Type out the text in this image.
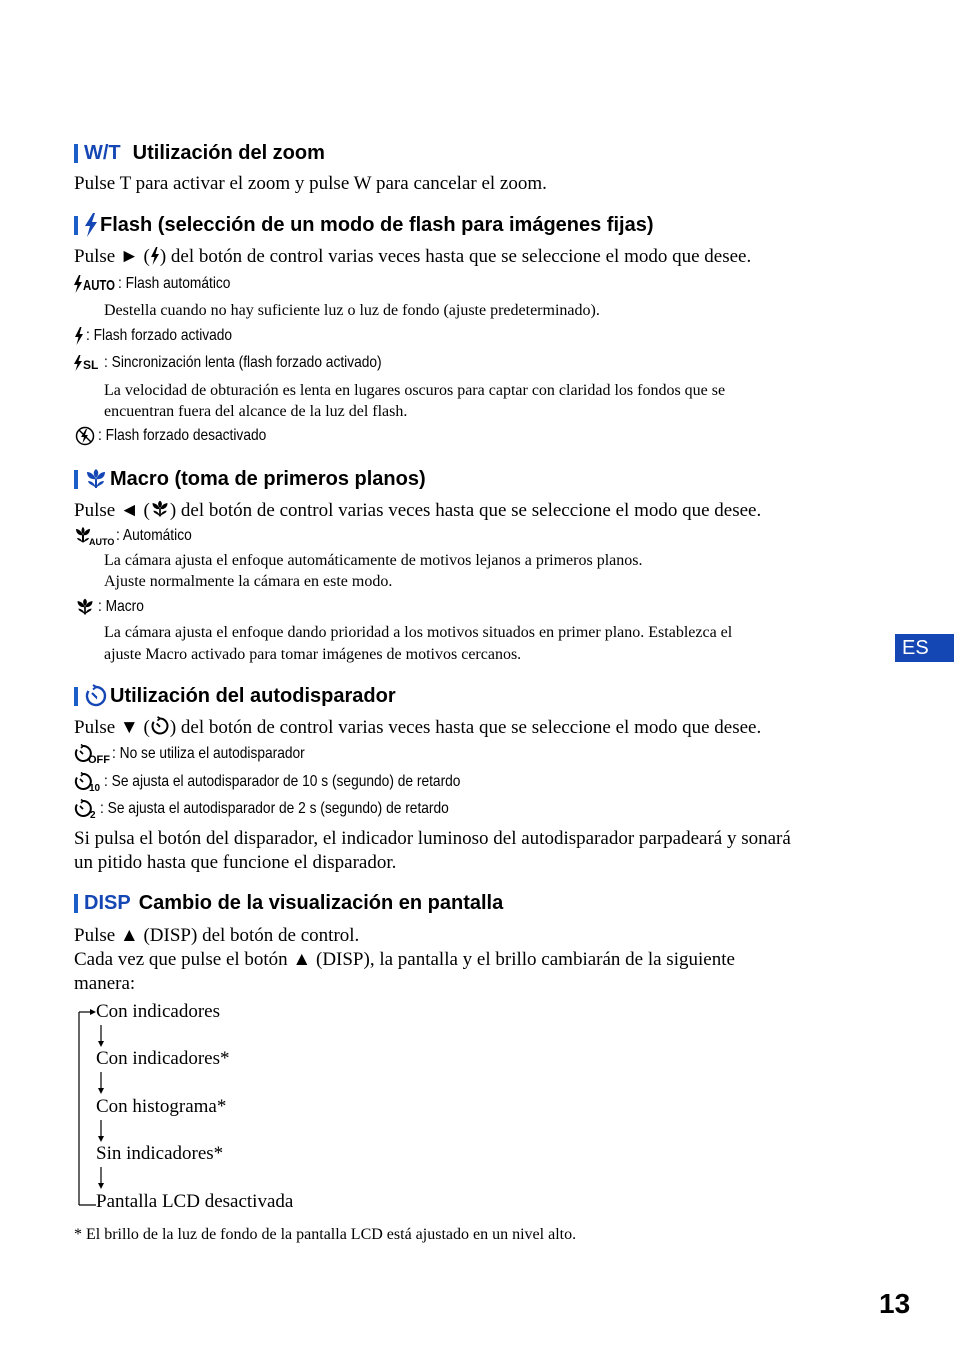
W/T Utilización del zoom
Pulse T para activar el zoom y pulse W para cancelar el zoom.
Flash (selección de un modo de flash para imágenes fijas)
Pulse ► ( ) del botón de control varias veces hasta que se seleccione el modo que desee.
AUTO : Flash automático
Destella cuando no hay suficiente luz o luz de fondo (ajuste predeterminado).
: Flash forzado activado
SL : Sincronización lenta (flash forzado activado)
La velocidad de obturación es lenta en lugares oscuros para captar con claridad los fondos que se
encuentran fuera del alcance de la luz del flash.
: Flash forzado desactivado
Macro (toma de primeros planos)
Pulse ◄ ( ) del botón de control varias veces hasta que se seleccione el modo que desee.
AUTO : Automático
La cámara ajusta el enfoque automáticamente de motivos lejanos a primeros planos.
Ajuste normalmente la cámara en este modo.
: Macro
La cámara ajusta el enfoque dando prioridad a los motivos situados en primer plano. Establezca el
ajuste Macro activado para tomar imágenes de motivos cercanos.
Utilización del autodisparador
Pulse ▼ ( ) del botón de control varias veces hasta que se seleccione el modo que desee.
OFF : No se utiliza el autodisparador
10 : Se ajusta el autodisparador de 10 s (segundo) de retardo
2 : Se ajusta el autodisparador de 2 s (segundo) de retardo
Si pulsa el botón del disparador, el indicador luminoso del autodisparador parpadeará y sonará
un pitido hasta que funcione el disparador.
DISP Cambio de la visualización en pantalla
Pulse ▲ (DISP) del botón de control.
Cada vez que pulse el botón ▲ (DISP), la pantalla y el brillo cambiarán de la siguiente
manera:
Con indicadores
Con indicadores*
Con histograma*
Sin indicadores*
Pantalla LCD desactivada
* El brillo de la luz de fondo de la pantalla LCD está ajustado en un nivel alto.
ES
13
